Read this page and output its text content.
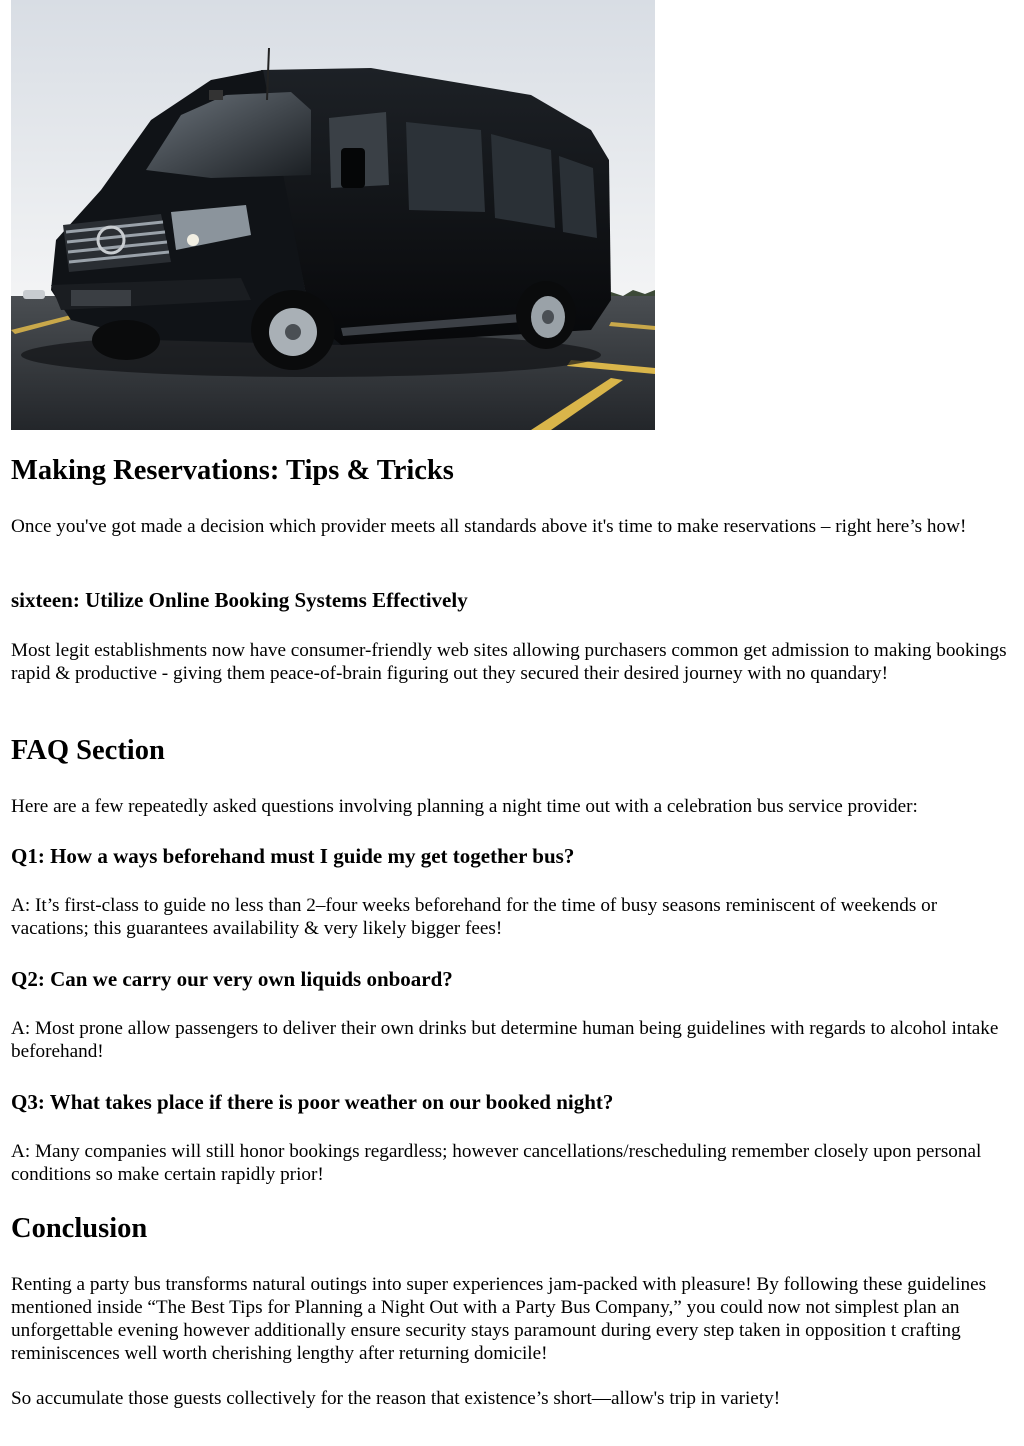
Making Reservations: Tips & Tricks

Once you've got made a decision which provider meets all standards above it's time to make reservations – right here’s how!

sixteen: Utilize Online Booking Systems Effectively

Most legit establishments now have consumer-friendly web sites allowing purchasers common get admission to making bookings rapid & productive - giving them peace-of-brain figuring out they secured their desired journey with no quandary!

FAQ Section

Here are a few repeatedly asked questions involving planning a night time out with a celebration bus service provider:

Q1: How a ways beforehand must I guide my get together bus?

A: It’s first-class to guide no less than 2–four weeks beforehand for the time of busy seasons reminiscent of weekends or vacations; this guarantees availability & very likely bigger fees!

Q2: Can we carry our very own liquids onboard?

A: Most prone allow passengers to deliver their own drinks but determine human being guidelines with regards to alcohol intake beforehand!

Q3: What takes place if there is poor weather on our booked night?

A: Many companies will still honor bookings regardless; however cancellations/rescheduling remember closely upon personal conditions so make certain rapidly prior!

Conclusion

Renting a party bus transforms natural outings into super experiences jam-packed with pleasure! By following these guidelines mentioned inside “The Best Tips for Planning a Night Out with a Party Bus Company,” you could now not simplest plan an unforgettable evening however additionally ensure security stays paramount during every step taken in opposition t crafting reminiscences well worth cherishing lengthy after returning domicile!

So accumulate those guests collectively for the reason that existence’s short—allow's trip in variety!
